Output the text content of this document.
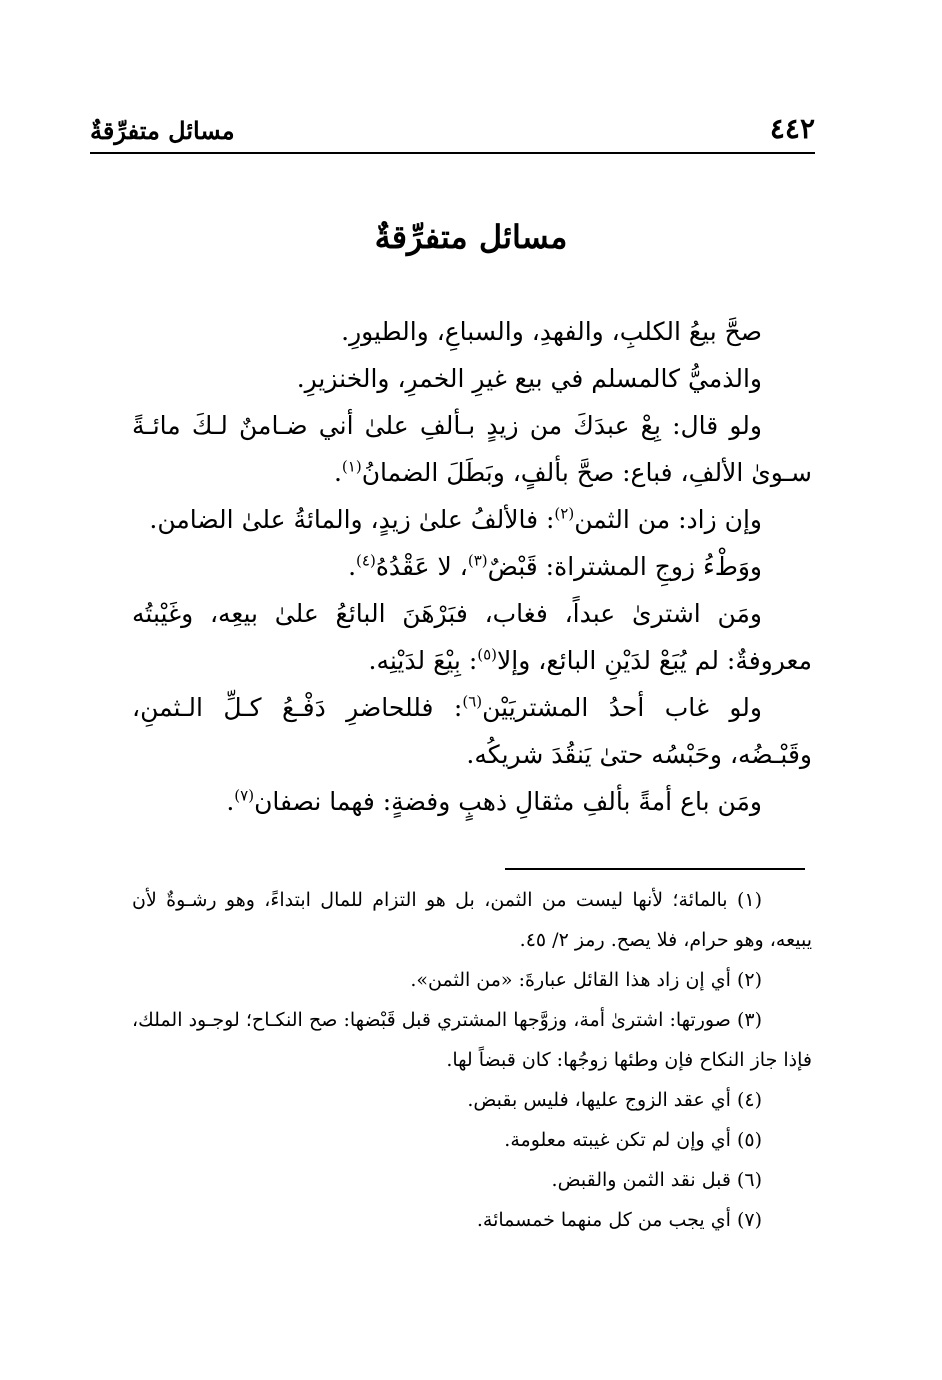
٤٤٢
مسائل متفرِّقةٌ
مسائل متفرِّقةٌ

صحَّ بيعُ الكلبِ، والفهدِ، والسباعِ، والطيورِ.

والذميُّ كالمسلم في بيع غيرِ الخمرِ، والخنزيرِ.

ولو قال: بِعْ عبدَكَ من زيدٍ بـألفِ علىٰ أني ضـامنٌ لـكَ مائـةً سـوىٰ الألفِ، فباع: صحَّ بألفٍ، وبَطَلَ الضمانُ$^{(١)}$.

وإن زاد: من الثمن$^{(٢)}$: فالألفُ علىٰ زيدٍ، والمائةُ علىٰ الضامن.

ووَطْءُ زوجِ المشتراة: قَبْضٌ$^{(٣)}$، لا عَقْدُهُ$^{(٤)}$.

ومَن اشترىٰ عبداً، فغاب، فبَرْهَنَ البائعُ علىٰ بيعِه، وغَيْبتُه معروفةٌ: لم يُبَعْ لدَيْنِ البائع، وإلا$^{(٥)}$: بِيْعَ لدَيْنِه.

ولو غاب أحدُ المشتريَيْن$^{(٦)}$: فللحاضرِ دَفْـعُ كـلِّ الـثمنِ، وقَبْـضُه، وحَبْسُه حتىٰ يَنقُدَ شريكُه.

ومَن باع أمةً بألفِ مثقالِ ذهبٍ وفضةٍ: فهما نصفان$^{(٧)}$.

(١) بالمائة؛ لأنها ليست من الثمن، بل هو التزام للمال ابتداءً، وهو رشـوةٌ لأن يبيعه، وهو حرام، فلا يصح. رمز ٢/ ٤٥.

(٢) أي إن زاد هذا القائل عبارةَ: «من الثمن».

(٣) صورتها: اشترىٰ أمة، وزوَّجها المشتري قبل قَبْضها: صح النكـاح؛ لوجـود الملك، فإذا جاز النكاح فإن وطئها زوجُها: كان قبضاً لها.

(٤) أي عقد الزوج عليها، فليس بقبض.

(٥) أي وإن لم تكن غيبته معلومة.

(٦) قبل نقد الثمن والقبض.

(٧) أي يجب من كل منهما خمسمائة.
